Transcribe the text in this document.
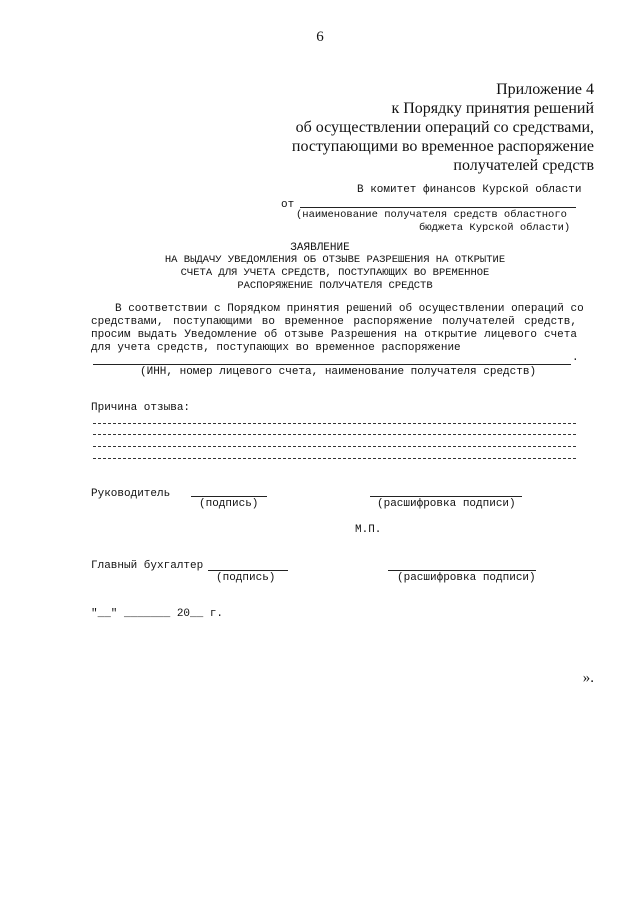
6
Приложение 4
к Порядку принятия решений
об осуществлении операций со средствами,
поступающими во временное распоряжение
получателей средств
В комитет финансов Курской области
от
(наименование получателя средств областного
бюджета Курской области)
ЗАЯВЛЕНИЕ
НА ВЫДАЧУ УВЕДОМЛЕНИЯ ОБ ОТЗЫВЕ РАЗРЕШЕНИЯ НА ОТКРЫТИЕ
СЧЕТА ДЛЯ УЧЕТА СРЕДСТВ, ПОСТУПАЮЩИХ ВО ВРЕМЕННОЕ
РАСПОРЯЖЕНИЕ ПОЛУЧАТЕЛЯ СРЕДСТВ
В соответствии с Порядком принятия решений об осуществлении операций со
средствами, поступающими во временное распоряжение получателей средств,
просим выдать Уведомление об отзыве Разрешения на открытие лицевого счета
для учета средств, поступающих во временное распоряжение
.
(ИНН, номер лицевого счета, наименование получателя средств)
Причина отзыва:
Руководитель
(подпись)	(расшифровка подписи)
М.П.
Главный бухгалтер
(подпись)	(расшифровка подписи)
"__" _______ 20__ г.
».
